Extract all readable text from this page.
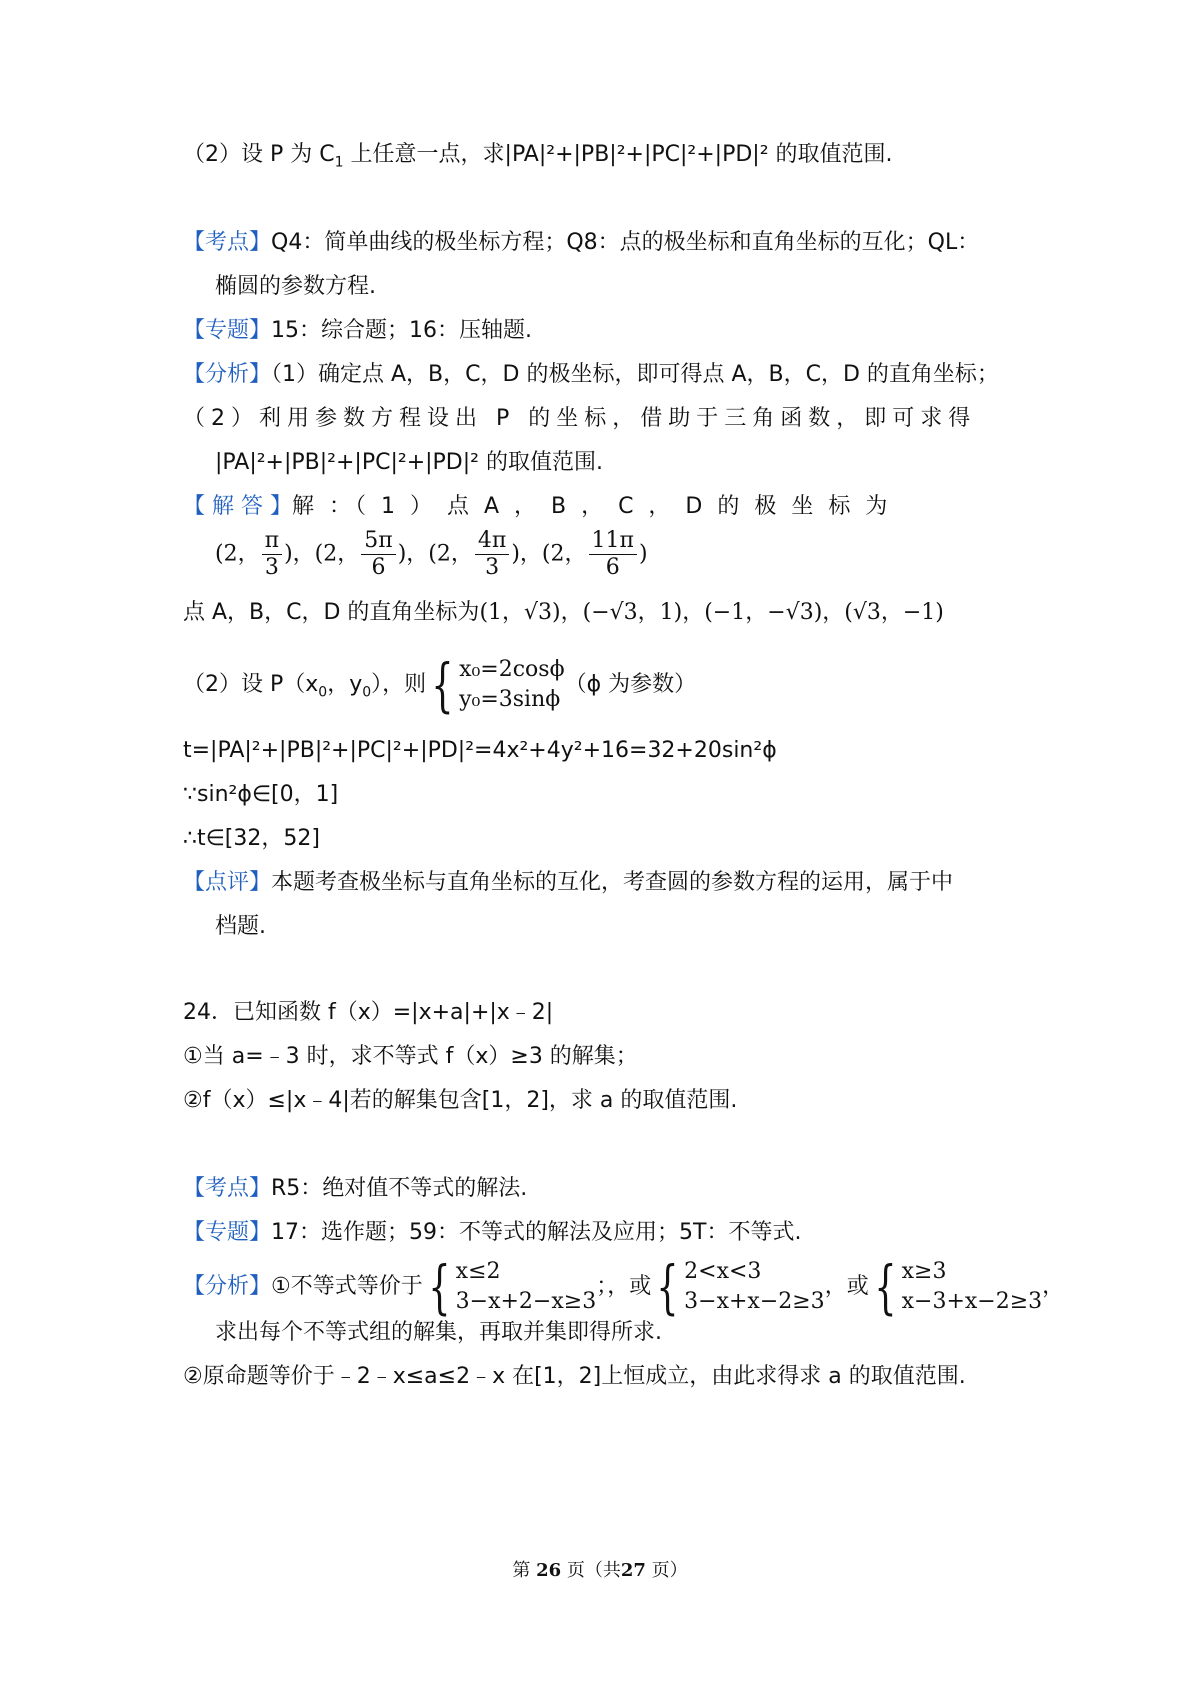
（2）设 P 为 $C_1$ 上任意一点，求|PA|²+|PB|²+|PC|²+|PD|² 的取值范围.
【考点】Q4：简单曲线的极坐标方程；Q8：点的极坐标和直角坐标的互化；QL：
椭圆的参数方程.
【专题】15：综合题；16：压轴题.
【分析】（1）确定点 A，B，C，D 的极坐标，即可得点 A，B，C，D 的直角坐标；
（2）利用参数方程设出 P 的坐标，借助于三角函数，即可求得
|PA|²+|PB|²+|PC|²+|PD|² 的取值范围.
【 解 答 】解 ：（ 1 ） 点 A ， B ， C ， D 的 极 坐 标 为
(2， $\frac{\pi}{3}$ )，(2， $\frac{5\pi}{6}$ )，(2， $\frac{4\pi}{3}$ )，(2， $\frac{11\pi}{6}$ )
点 A，B，C，D 的直角坐标为(1，√3)，(−√3，1)，(−1，−√3)，(√3，−1)
（2）设 $P(x_0$，$y_0$），则{ x₀=2cosϕ
y₀=3sinϕ
（ϕ 为参数）
t=|PA|²+|PB|²+|PC|²+|PD|²=4x²+4y²+16=32+20sin²ϕ
∵sin²ϕ∈[0，1]
∴t∈[32，52]
【点评】本题考查极坐标与直角坐标的互化，考查圆的参数方程的运用，属于中
档题.
24．已知函数 f（x）=|x+a|+|x﹣2|
①当 a=﹣3 时，求不等式 f（x）≥3 的解集；
②f（x）≤|x﹣4|若的解集包含[1，2]，求 a 的取值范围.
【考点】R5：绝对值不等式的解法.
【专题】17：选作题；59：不等式的解法及应用；5T：不等式.
【分析】①不等式等价于{ x≤2
3−x+2−x≥3
；，或{ 2<x<3
3−x+x−2≥3
，或{ x≥3
x−3+x−2≥3
，
求出每个不等式组的解集，再取并集即得所求.
②原命题等价于﹣2﹣x≤a≤2﹣x 在[1，2]上恒成立，由此求得求 a 的取值范围.
第 26 页（共27 页）
